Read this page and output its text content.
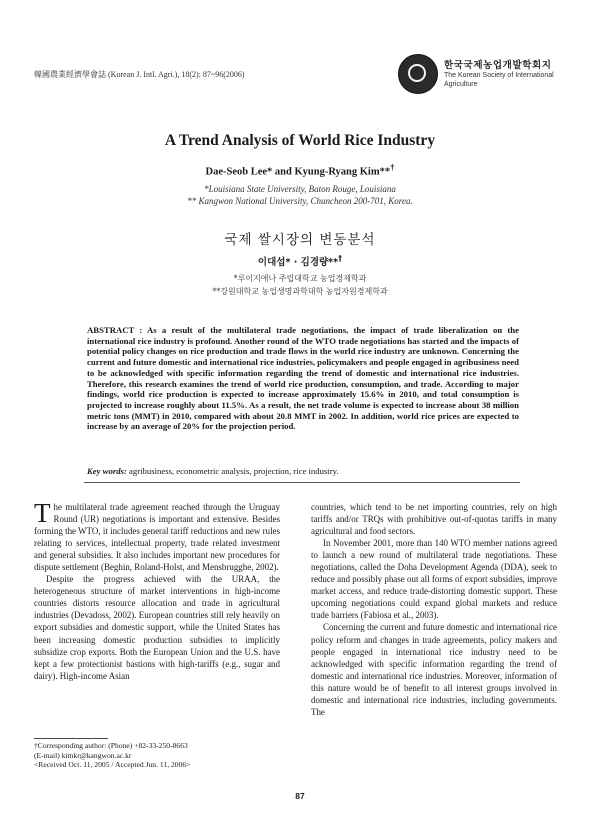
韓國農業經濟學會誌 (Korean J. Intl. Agri.), 18(2): 87~96(2006)
한국국제농업개발학회지
The Korean Society of International Agriculture
A Trend Analysis of World Rice Industry
Dae-Seob Lee* and Kyung-Ryang Kim**†
*Louisiana State University, Baton Rouge, Louisiana
** Kangwon National University, Chuncheon 200-701, Korea.
국제 쌀시장의 변동분석
이대섭* · 김경량**†
*루이지애나 주립대학교 농업경제학과
**강원대학교 농업생명과학대학 농업자원경제학과
ABSTRACT : As a result of the multilateral trade negotiations, the impact of trade liberalization on the international rice industry is profound. Another round of the WTO trade negotiations has started and the impacts of potential policy changes on rice production and trade flows in the world rice industry are unknown. Concerning the current and future domestic and international rice industries, policymakers and people engaged in agribusiness need to be acknowledged with specific information regarding the trend of domestic and international rice industries. Therefore, this research examines the trend of world rice production, consumption, and trade. According to major findings, world rice production is expected to increase approximately 15.6% in 2010, and total consumption is projected to increase roughly about 11.5%. As a result, the net trade volume is expected to increase about 38 million metric tons (MMT) in 2010, compared with about 20.8 MMT in 2002. In addition, world rice prices are expected to increase by an average of 20% for the projection period.
Key words: agribusiness, econometric analysis, projection, rice industry.

The multilateral trade agreement reached through the Uruguay Round (UR) negotiations is important and extensive. Besides forming the WTO, it includes general tariff reductions and new rules relating to services, intellectual property, trade related investment and general subsidies. It also includes important new procedures for dispute settlement (Beghin, Roland-Holst, and Mensbrugghe, 2002).

Despite the progress achieved with the URAA, the heterogeneous structure of market interventions in high-income countries distorts resource allocation and trade in agricultural industries (Devadoss, 2002). European countries still rely heavily on export subsidies and domestic support, while the United States has been increasing domestic production subsidies to implicitly subsidize crop exports. Both the European Union and the U.S. have kept a few protectionist bastions with high-tariffs (e.g., sugar and dairy). High-income Asian

countries, which tend to be net importing countries, rely on high tariffs and/or TRQs with prohibitive out-of-quotas tariffs in many agricultural and food sectors.

In November 2001, more than 140 WTO member nations agreed to launch a new round of multilateral trade negotiations. These negotiations, called the Doha Development Agenda (DDA), seek to reduce and possibly phase out all forms of export subsidies, improve market access, and reduce trade-distorting domestic support. These upcoming negotiations could expand global markets and reduce trade barriers (Fabiosa et al., 2003).

Concerning the current and future domestic and international rice policy reform and changes in trade agreements, policy makers and people engaged in international rice industry need to be acknowledged with specific information regarding the trend of domestic and international rice industries. Moreover, information of this nature would be of benefit to all interest groups involved in domestic and international rice industries, including governments. The

†Corresponding author: (Phone) +82-33-250-8663
(E-mail) kimkr@kangwon.ac.kr
<Received Oct. 11, 2005 / Accepted Jun. 11, 2006>
87
